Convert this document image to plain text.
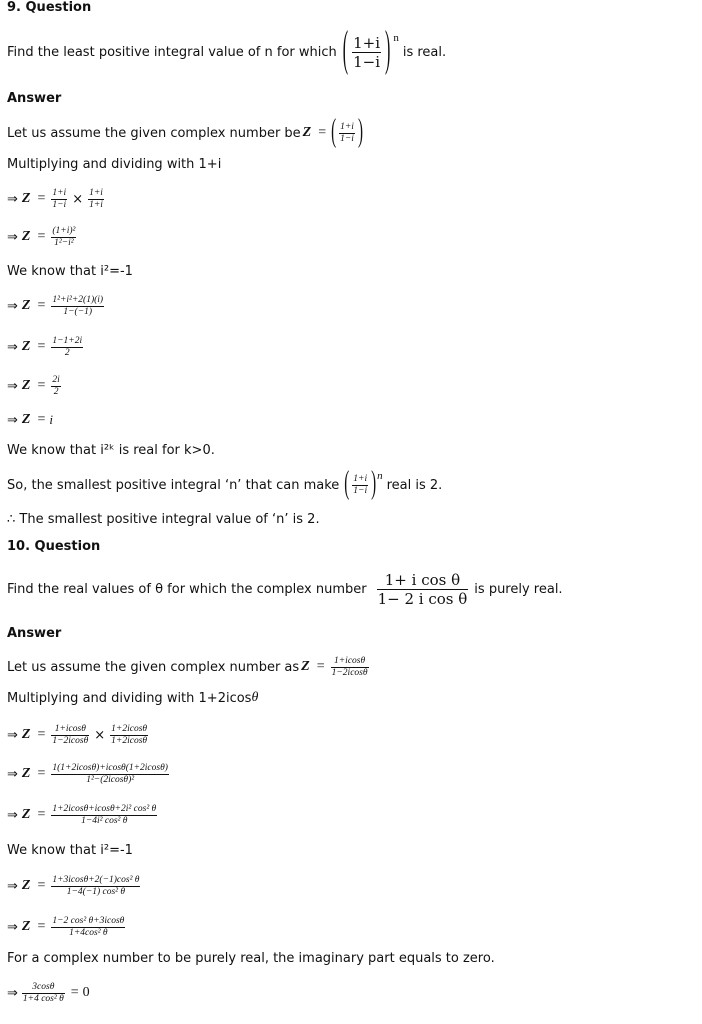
9. Question
Find the least positive integral value of n for which ( $\frac{1+i}{1-i}$ ) n
is real.
Answer
Let us assume the given complex number be Z = ( $\frac{1+i}{1-i}$ )
Multiplying and dividing with 1+i
⇒ $Z = \frac{1+i}{1-i} \times \frac{1+i}{1+i}$
⇒ $Z = \frac{\text{(1+i)²}}{\text{1²−i²}}$
We know that i²=-1
⇒ $Z = \frac{\text{1²+i²+2(1)(i)}}{1-(-1)}$
⇒ $Z = \frac{1-1+2i}{2}$
⇒ $Z = \frac{2i}{2}$
⇒ Z = i
We know that i²ᵏ is real for k>0.
So, the smallest positive integral ‘n’ that can make ( $\frac{1+i}{1-i}$ ) n
real is 2.
∴ The smallest positive integral value of ‘n’ is 2.
10. Question
Find the real values of θ for which the complex number $\frac{\text{1+ i cos θ}}{\text{1− 2 i cos θ}}$ is purely real.
Answer
Let us assume the given complex number as $Z = \frac{1+icos\theta}{1-2icos\theta}$
Multiplying and dividing with 1+2icos θ
⇒ $Z = \frac{1+icos\theta}{1-2icos\theta} \times \frac{1+2icos\theta}{1+2icos\theta}$
⇒ $Z = \frac{1(1+2icos\theta)+icos\theta(1+2icos\theta)}{\text{1²−(2icosθ)²}}$
⇒ $Z = \frac{\text{1+2icosθ+icosθ+2i² cos² θ}}{\text{1−4i² cos² θ}}$
We know that i²=-1
⇒ $Z = \frac{\text{1+3icosθ+2(−1)cos² θ}}{\text{1−4(−1) cos² θ}}$
⇒ $Z = \frac{\text{1−2 cos² θ+3icosθ}}{\text{1+4cos² θ}}$
For a complex number to be purely real, the imaginary part equals to zero.
⇒ $\frac{3\cos\theta}{\text{1+4 cos² θ}} = 0$
